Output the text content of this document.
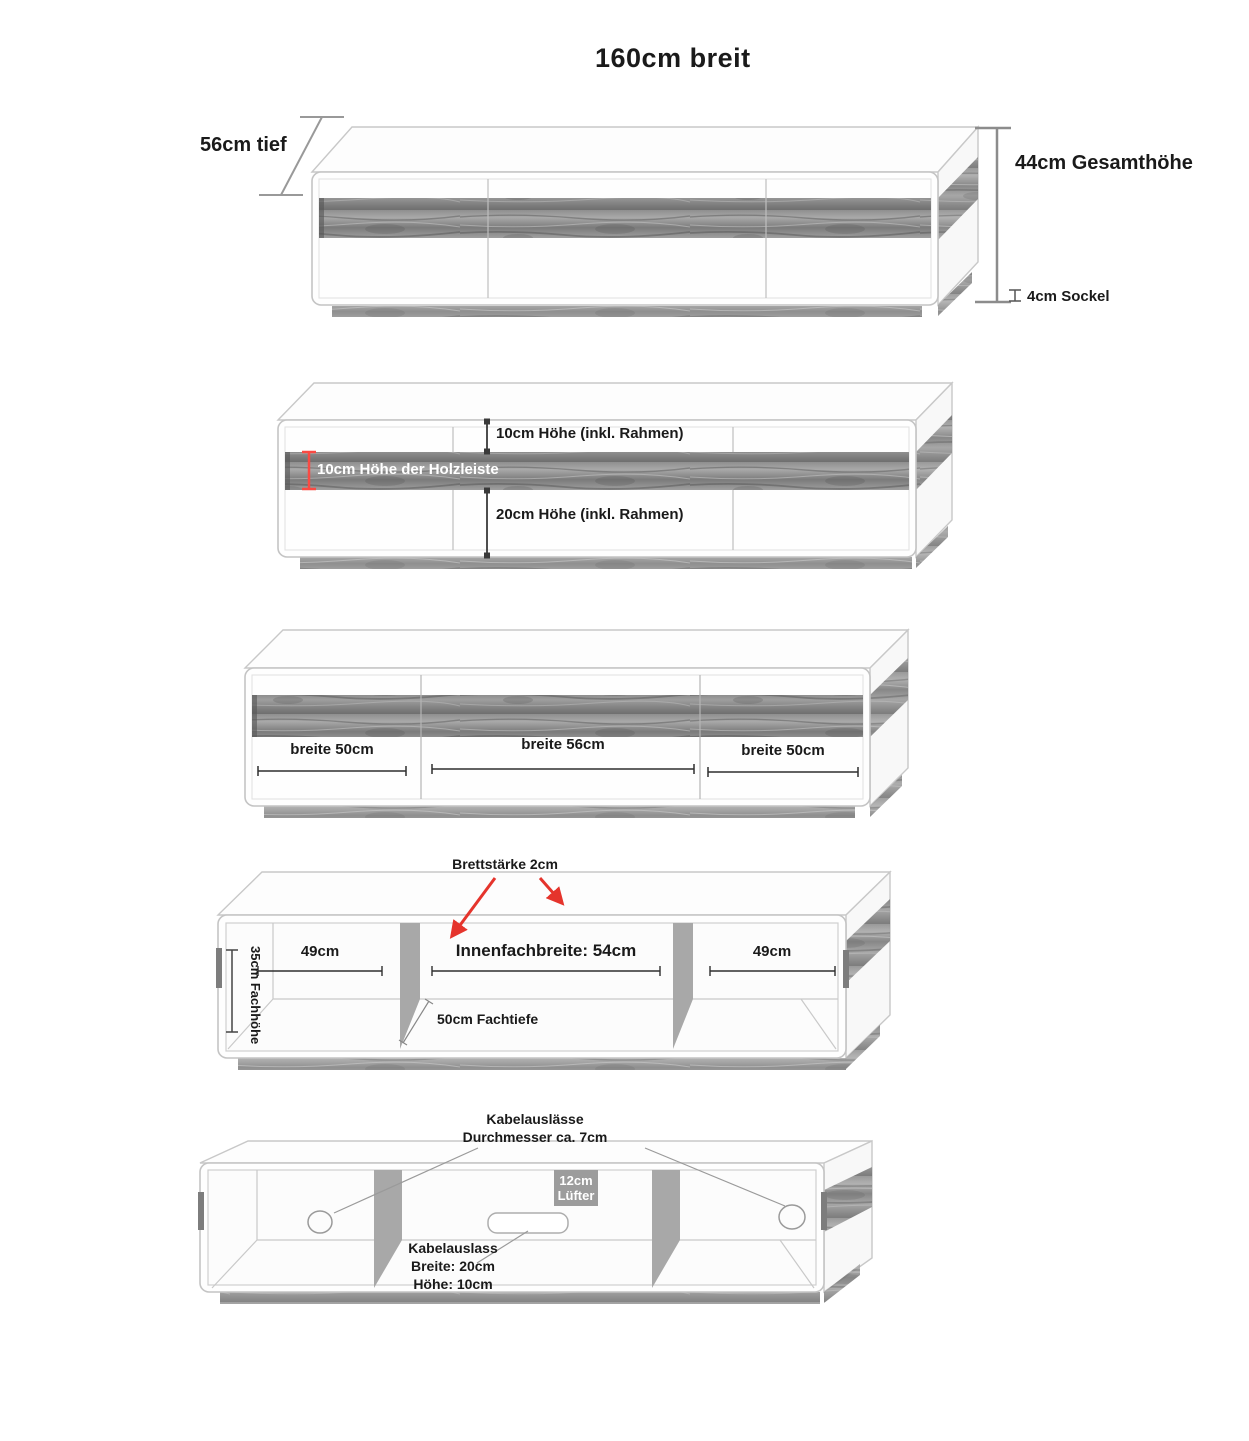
160cm breit
56cm tief
44cm Gesamthöhe
4cm Sockel
10cm Höhe (inkl. Rahmen)
10cm Höhe der Holzleiste
20cm Höhe (inkl. Rahmen)
breite 50cm	breite 56cm	breite 50cm
Brettstärke 2cm
35cm Fachhöhe	49cm	Innenfachbreite: 54cm	49cm
50cm Fachtiefe
Kabelauslässe
Durchmesser ca. 7cm
12cm
Lüfter
Kabelauslass
Breite: 20cm
Höhe: 10cm
